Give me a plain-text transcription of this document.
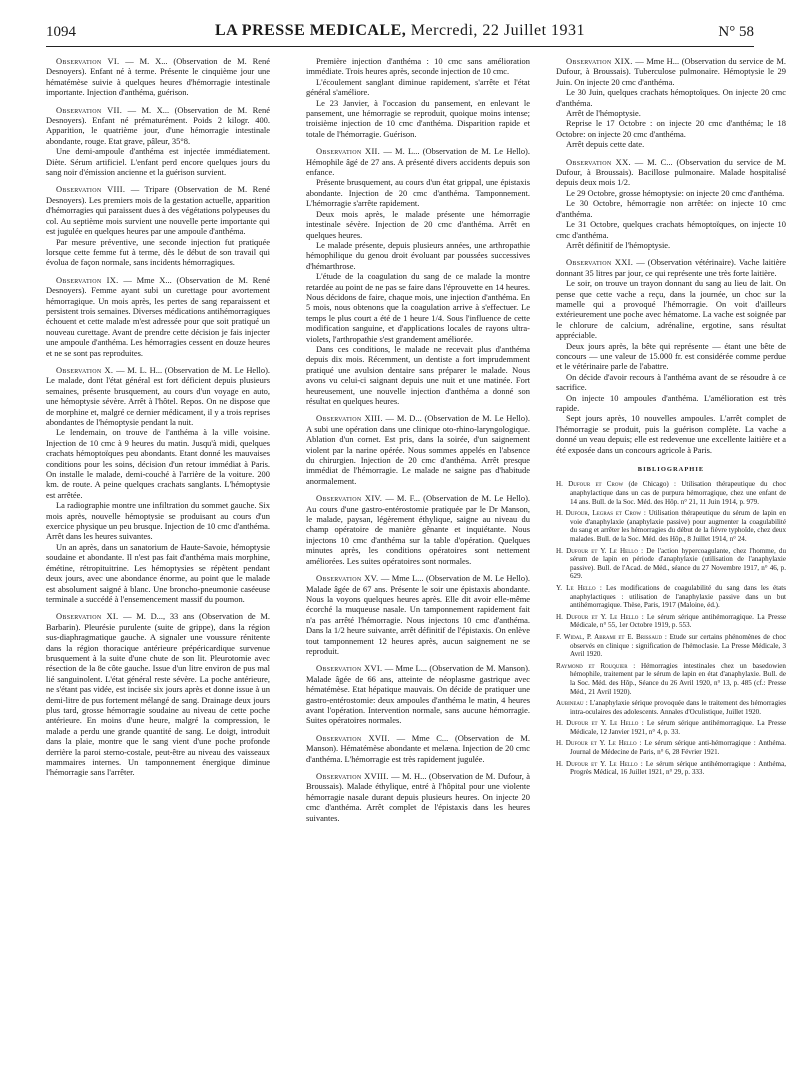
1094	LA PRESSE MEDICALE, Mercredi, 22 Juillet 1931	N° 58

Observation VI. — M. X... (Observation de M. René Desnoyers). Enfant né à terme. Présente le cinquième jour une hématémèse suivie à quelques heures d'hémorragie intestinale importante. Injection d'anthéma, guérison.

Observation VII. — M. X... (Observation de M. René Desnoyers). Enfant né prématurément. Poids 2 kilogr. 400. Apparition, le quatrième jour, d'une hémorragie intestinale abondante, rouge. Etat grave, pâleur, 35°8.

Une demi-ampoule d'anthéma est injectée immédiatement. Diète. Sérum artificiel. L'enfant perd encore quelques jours du sang noir d'émission ancienne et la guérison survient.

Observation VIII. — Tripare (Observation de M. René Desnoyers). Les premiers mois de la gestation actuelle, apparition d'hémorragies qui paraissent dues à des végétations polypeuses du col. Au septième mois survient une nouvelle perte importante qui est jugulée en quelques heures par une ampoule d'anthéma.

Par mesure préventive, une seconde injection fut pratiquée lorsque cette femme fut à terme, dès le début de son travail qui évolua de façon normale, sans incidents hémorragiques.

Observation IX. — Mme X... (Observation de M. René Desnoyers). Femme ayant subi un curettage pour avortement hémorragique. Un mois après, les pertes de sang reparaissent et persistent trois semaines. Diverses médications antihémorragiques échouent et cette malade m'est adressée pour que soit pratiqué un nouveau curettage. Avant de prendre cette décision je fais injecter une ampoule d'anthéma. Les hémorragies cessent en douze heures et ne se sont pas reproduites.

Observation X. — M. L. H... (Observation de M. Le Hello). Le malade, dont l'état général est fort déficient depuis plusieurs semaines, présente brusquement, au cours d'un voyage en auto, une hémoptysie sévère. Arrêt à l'hôtel. Repos. On ne dispose que de morphine et, malgré ce dernier médicament, il y a trois reprises abondantes de l'hémoptysie pendant la nuit.

Le lendemain, on trouve de l'anthéma à la ville voisine. Injection de 10 cmc à 9 heures du matin. Jusqu'à midi, quelques crachats hémoptoïques peu abondants. Etant donné les mauvaises conditions pour les soins, décision d'un retour immédiat à Paris. On installe le malade, demi-couché à l'arrière de la voiture. 200 km. de route. A peine quelques crachats sanglants. L'hémoptysie est arrêtée.

La radiographie montre une infiltration du sommet gauche. Six mois après, nouvelle hémoptysie se produisant au cours d'un exercice physique un peu brusque. Injection de 10 cmc d'anthéma. Arrêt dans les heures suivantes.

Un an après, dans un sanatorium de Haute-Savoie, hémoptysie soudaine et abondante. Il n'est pas fait d'anthéma mais morphine, émétine, rétropituitrine. Les hémoptysies se répètent pendant deux jours, avec une abondance énorme, au point que le malade est absolument saigné à blanc. Une broncho-pneumonie caséeuse terminale a succédé à l'ensemencement massif du poumon.

Observation XI. — M. D..., 33 ans (Observation de M. Barbarin). Pleurésie purulente (suite de grippe), dans la région sus-diaphragmatique gauche. A signaler une voussure rénitente dans la région thoracique antérieure prépéricardique survenue brusquement à la suite d'une chute de son lit. Pleurotomie avec résection de la 8e côte gauche. Issue d'un litre environ de pus mal lié sanguinolent. L'état général reste sévère. La poche antérieure, ne s'étant pas vidée, est incisée six jours après et donne issue à un demi-litre de pus fortement mélangé de sang. Drainage deux jours plus tard, grosse hémorragie soudaine au niveau de cette poche antérieure. En moins d'une heure, malgré la compression, le malade a perdu une grande quantité de sang. Le doigt, introduit dans la plaie, montre que le sang vient d'une poche profonde derrière la paroi sterno-costale, peut-être au niveau des vaisseaux mammaires internes. Un tamponnement énergique diminue l'hémorragie sans l'arrêter.

Première injection d'anthéma : 10 cmc sans amélioration immédiate. Trois heures après, seconde injection de 10 cmc.

L'écoulement sanglant diminue rapidement, s'arrête et l'état général s'améliore.

Le 23 Janvier, à l'occasion du pansement, en enlevant le pansement, une hémorragie se reproduit, quoique moins intense; troisième injection de 10 cmc d'anthéma. Disparition rapide et totale de l'hémorragie. Guérison.

Observation XII. — M. L... (Observation de M. Le Hello). Hémophile âgé de 27 ans. A présenté divers accidents depuis son enfance.

Présente brusquement, au cours d'un état grippal, une épistaxis abondante. Injection de 20 cmc d'anthéma. Tamponnement. L'hémorragie s'arrête rapidement.

Deux mois après, le malade présente une hémorragie intestinale sévère. Injection de 20 cmc d'anthéma. Arrêt en quelques heures.

Le malade présente, depuis plusieurs années, une arthropathie hémophilique du genou droit évoluant par poussées successives d'hémarthrose.

L'étude de la coagulation du sang de ce malade la montre retardée au point de ne pas se faire dans l'éprouvette en 14 heures. Nous décidons de faire, chaque mois, une injection d'anthéma. En 5 mois, nous obtenons que la coagulation arrive à s'effectuer. Le temps le plus court a été de 1 heure 1/4. Sous l'influence de cette modification sanguine, et d'applications locales de rayons ultra-violets, l'arthropathie s'est grandement améliorée.

Dans ces conditions, le malade ne recevait plus d'anthéma depuis dix mois. Récemment, un dentiste a fort imprudemment pratiqué une avulsion dentaire sans préparer le malade. Nous avons vu celui-ci saignant depuis une nuit et une matinée. Fort heureusement, une nouvelle injection d'anthéma a donné son résultat en quelques heures.

Observation XIII. — M. D... (Observation de M. Le Hello). A subi une opération dans une clinique oto-rhino-laryngologique. Ablation d'un cornet. Est pris, dans la soirée, d'un saignement violent par la narine opérée. Nous sommes appelés en l'absence du chirurgien. Injection de 20 cmc d'anthéma. Arrêt presque immédiat de l'hémorragie. Le malade ne saigne pas d'habitude anormalement.

Observation XIV. — M. F... (Observation de M. Le Hello). Au cours d'une gastro-entérostomie pratiquée par le Dr Manson, le malade, paysan, légèrement éthylique, saigne au niveau du champ opératoire de manière gênante et inquiétante. Nous injectons 10 cmc d'anthéma sur la table d'opération. Quelques minutes après, les conditions opératoires sont nettement améliorées. Les suites opératoires sont normales.

Observation XV. — Mme L... (Observation de M. Le Hello). Malade âgée de 67 ans. Présente le soir une épistaxis abondante. Nous la voyons quelques heures après. Elle dit avoir elle-même écorché la muqueuse nasale. Un tamponnement rapidement fait n'a pas arrêté l'hémorragie. Nous injectons 10 cmc d'anthéma. Dans la 1/2 heure suivante, arrêt définitif de l'épistaxis. On enlève tout tamponnement 12 heures après, aucun saignement ne se reproduit.

Observation XVI. — Mme L... (Observation de M. Manson). Malade âgée de 66 ans, atteinte de néoplasme gastrique avec hématémèse. Etat hépatique mauvais. On décide de pratiquer une gastro-entérostomie: deux ampoules d'anthéma le matin, 4 heures avant l'opération. Intervention normale, sans aucune hémorragie. Suites opératoires normales.

Observation XVII. — Mme C... (Observation de M. Manson). Hématémèse abondante et melæna. Injection de 20 cmc d'anthéma. L'hémorragie est très rapidement jugulée.

Observation XVIII. — M. H... (Observation de M. Dufour, à Broussais). Malade éthylique, entré à l'hôpital pour une violente hémorragie nasale durant depuis plusieurs heures. On injecte 20 cmc d'anthéma. Arrêt complet de l'épistaxis dans les heures suivantes.

Observation XIX. — Mme H... (Observation du service de M. Dufour, à Broussais). Tuberculose pulmonaire. Hémoptysie le 29 Juin. On injecte 20 cmc d'anthéma.

Le 30 Juin, quelques crachats hémoptoïques. On injecte 20 cmc d'anthéma.

Arrêt de l'hémoptysie.

Reprise le 17 Octobre : on injecte 20 cmc d'anthéma; le 18 Octobre: on injecte 20 cmc d'anthéma.

Arrêt depuis cette date.

Observation XX. — M. C... (Observation du service de M. Dufour, à Broussais). Bacillose pulmonaire. Malade hospitalisé depuis deux mois 1/2.

Le 29 Octobre, grosse hémoptysie: on injecte 20 cmc d'anthéma.

Le 30 Octobre, hémorragie non arrêtée: on injecte 10 cmc d'anthéma.

Le 31 Octobre, quelques crachats hémoptoïques, on injecte 10 cmc d'anthéma.

Arrêt définitif de l'hémoptysie.

Observation XXI. — (Observation vétérinaire). Vache laitière donnant 35 litres par jour, ce qui représente une très forte laitière.

Le soir, on trouve un trayon donnant du sang au lieu de lait. On pense que cette vache a reçu, dans la journée, un choc sur la mamelle qui a provoqué l'hémorragie. On voit d'ailleurs extérieurement une poche avec hématome. La vache est soignée par le chlorure de calcium, adrénaline, ergotine, sans résultat appréciable.

Deux jours après, la bête qui représente — étant une bête de concours — une valeur de 15.000 fr. est considérée comme perdue et le vétérinaire parle de l'abattre.

On décide d'avoir recours à l'anthéma avant de se résoudre à ce sacrifice.

On injecte 10 ampoules d'anthéma. L'amélioration est très rapide.

Sept jours après, 10 nouvelles ampoules. L'arrêt complet de l'hémorragie se produit, puis la guérison complète. La vache a donné un veau depuis; elle est redevenue une excellente laitière et a été exposée dans un concours agricole à Paris.

BIBLIOGRAPHIE
H. Dufour et Crow (de Chicago) : Utilisation thérapeutique du choc anaphylactique dans un cas de purpura hémorragique, chez une enfant de 14 ans. Bull. de la Soc. Méd. des Hôp. n° 21, 11 Juin 1914, p. 979.
H. Dufour, Legras et Crow : Utilisation thérapeutique du sérum de lapin en voie d'anaphylaxie (anaphylaxie passive) pour augmenter la coagulabilité du sang et arrêter les hémorragies du début de la fièvre typhoïde, chez deux malades. Bull. de la Soc. Méd. des Hôp., 8 Juillet 1914, n° 24.
H. Dufour et Y. Le Hello : De l'action hypercoagulante, chez l'homme, du sérum de lapin en période d'anaphylaxie (utilisation de l'anaphylaxie passive). Bull. de l'Acad. de Méd., séance du 27 Novembre 1917, n° 46, p. 629.
Y. Le Hello : Les modifications de coagulabilité du sang dans les états anaphylactiques : utilisation de l'anaphylaxie passive dans un but antihémorragique. Thèse, Paris, 1917 (Maloine, éd.).
H. Dufour et Y. Le Hello : Le sérum sérique antihémorragique. La Presse Médicale, n° 55, 1er Octobre 1919, p. 553.
F. Widal, P. Abrami et E. Brissaud : Etude sur certains phénomènes de choc observés en clinique : signification de l'hémoclasie. La Presse Médicale, 3 Avril 1920.
Raymond et Rouquier : Hémorragies intestinales chez un basedowien hémophile, traitement par le sérum de lapin en état d'anaphylaxie. Bull. de la Soc. Méd. des Hôp., Séance du 26 Avril 1920, n° 13, p. 485 (cf.: Presse Méd., 21 Avril 1920).
Aubineau : L'anaphylaxie sérique provoquée dans le traitement des hémorragies intra-oculaires des adolescents. Annales d'Oculistique, Juillet 1920.
H. Dufour et Y. Le Hello : Le sérum sérique antihémorragique. La Presse Médicale, 12 Janvier 1921, n° 4, p. 33.
H. Dufour et Y. Le Hello : Le sérum sérique anti-hémorragique : Anthéma. Journal de Médecine de Paris, n° 6, 28 Février 1921.
H. Dufour et Y. Le Hello : Le sérum sérique antihémorragique : Anthéma, Progrès Médical, 16 Juillet 1921, n° 29, p. 333.
